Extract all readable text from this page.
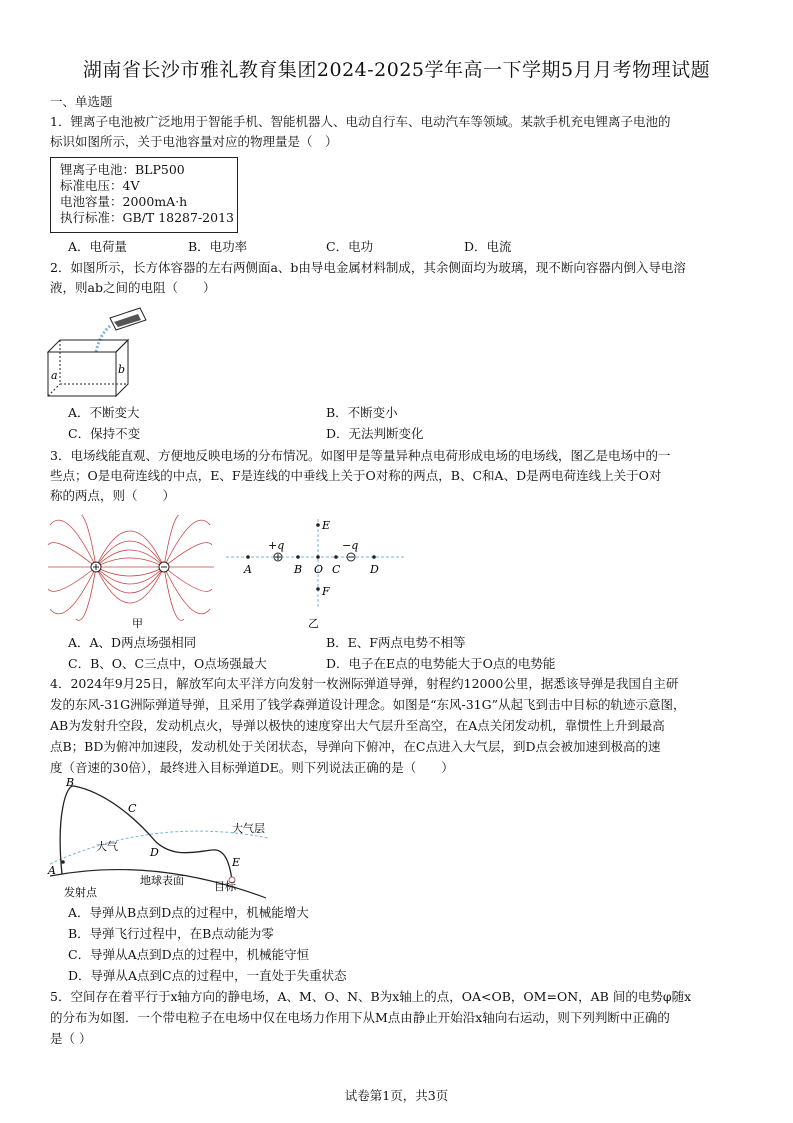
湖南省长沙市雅礼教育集团2024-2025学年高一下学期5月月考物理试题
一、单选题
1．锂离子电池被广泛地用于智能手机、智能机器人、电动自行车、电动汽车等领域。某款手机充电锂离子电池的
标识如图所示，关于电池容量对应的物理量是（　）
锂离子电池：BLP500
标准电压：4V
电池容量：2000mA·h
执行标准：GB/T 18287-2013
A．电荷量	B．电功率	C．电功	D．电流
2．如图所示，长方体容器的左右两侧面a、b由导电金属材料制成，其余侧面均为玻璃，现不断向容器内倒入导电溶
液，则ab之间的电阻（　　）
a	b
A．不断变大	B．不断变小
C．保持不变	D．无法判断变化
3．电场线能直观、方便地反映电场的分布情况。如图甲是等量异种点电荷形成电场的电场线，图乙是电场中的一
些点；O是电荷连线的中点，E、F是连线的中垂线上关于O对称的两点，B、C和A、D是两电荷连线上关于O对
称的两点，则（　　）
甲
+q	−q
A	B O C	D
E
F
乙
A．A、D两点场强相同	B．E、F两点电势不相等
C．B、O、C三点中，O点场强最大	D．电子在E点的电势能大于O点的电势能
4．2024年9月25日，解放军向太平洋方向发射一枚洲际弹道导弹，射程约12000公里，据悉该导弹是我国自主研
发的东风-31G洲际弹道导弹，且采用了钱学森弹道设计理念。如图是“东风-31G”从起飞到击中目标的轨迹示意图，
AB为发射升空段，发动机点火，导弹以极快的速度穿出大气层升至高空，在A点关闭发动机，靠惯性上升到最高
点B；BD为俯冲加速段，发动机处于关闭状态，导弹向下俯冲，在C点进入大气层，到D点会被加速到极高的速
度（音速的30倍），最终进入目标弹道DE。则下列说法正确的是（　　）
B
C
D
E
A
大气层
大气
地球表面
发射点	目标
A．导弹从B点到D点的过程中，机械能增大
B．导弹飞行过程中，在B点动能为零
C．导弹从A点到D点的过程中，机械能守恒
D．导弹从A点到C点的过程中，一直处于失重状态
5．空间存在着平行于x轴方向的静电场，A、M、O、N、B为x轴上的点，OA<OB，OM=ON，AB 间的电势φ随x
的分布为如图．一个带电粒子在电场中仅在电场力作用下从M点由静止开始沿x轴向右运动，则下列判断中正确的
是（ ）
试卷第1页，共3页
